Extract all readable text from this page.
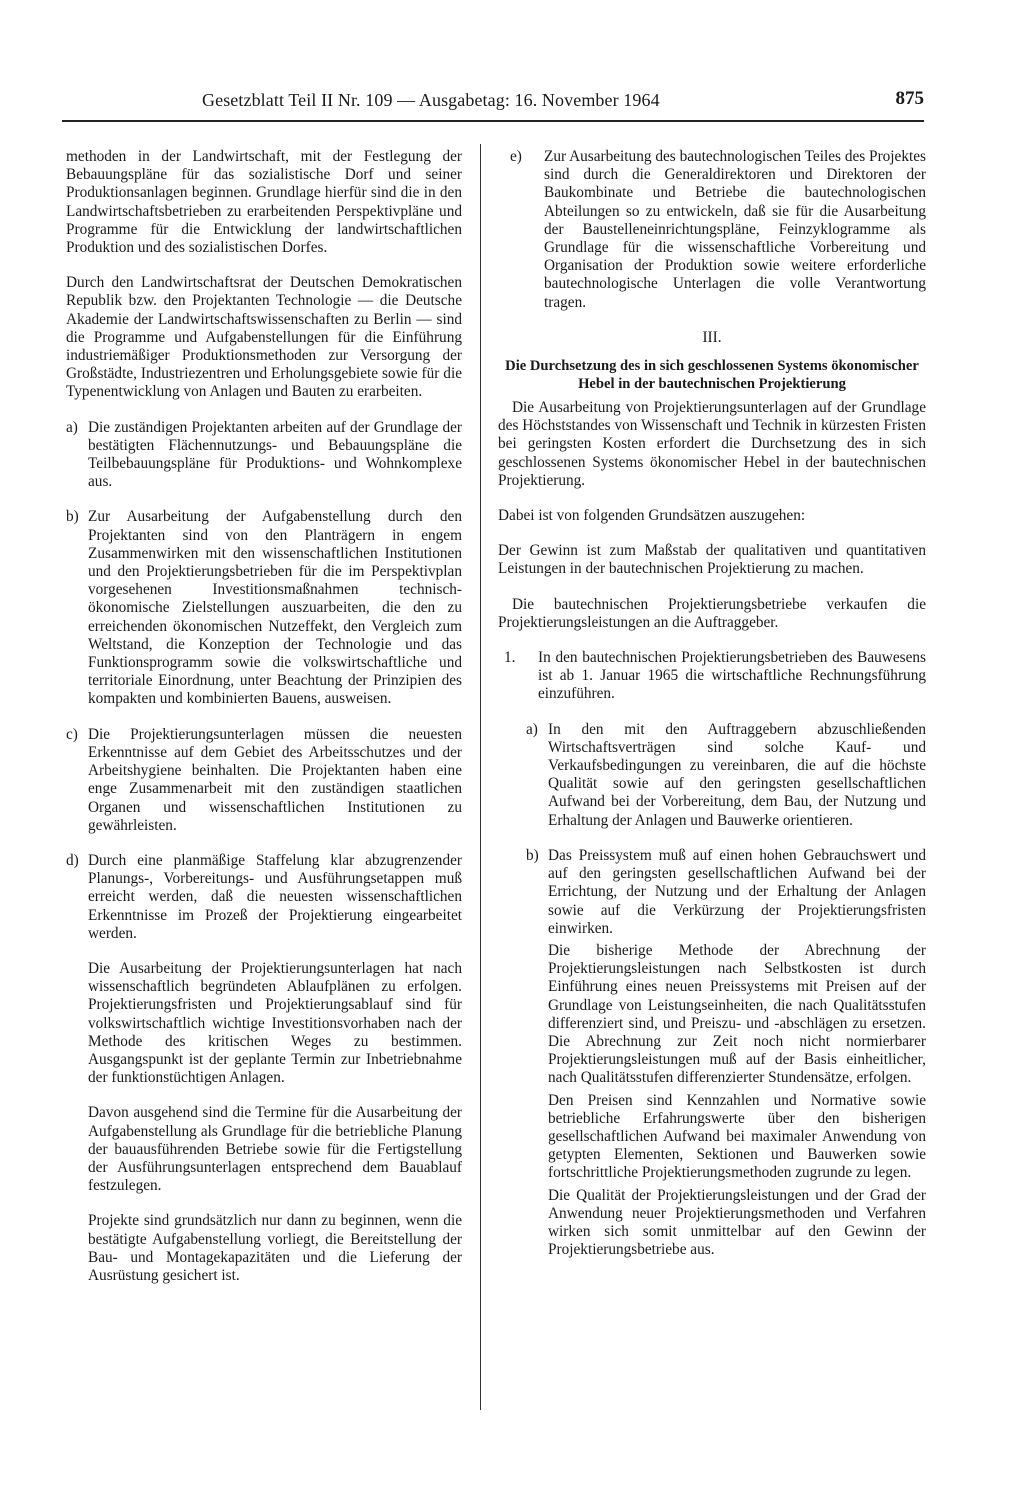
Gesetzblatt Teil II Nr. 109 — Ausgabetag: 16. November 1964	875

methoden in der Landwirtschaft, mit der Festlegung der Bebauungspläne für das sozialistische Dorf und seiner Produktionsanlagen beginnen. Grundlage hierfür sind die in den Landwirtschaftsbetrieben zu erarbeitenden Perspektivpläne und Programme für die Entwicklung der landwirtschaftlichen Produktion und des sozialistischen Dorfes.

Durch den Landwirtschaftsrat der Deutschen Demokratischen Republik bzw. den Projektanten Technologie — die Deutsche Akademie der Landwirtschaftswissenschaften zu Berlin — sind die Programme und Aufgabenstellungen für die Einführung industriemäßiger Produktionsmethoden zur Versorgung der Großstädte, Industriezentren und Erholungsgebiete sowie für die Typenentwicklung von Anlagen und Bauten zu erarbeiten.

a) Die zuständigen Projektanten arbeiten auf der Grundlage der bestätigten Flächennutzungs- und Bebauungspläne die Teilbebauungspläne für Produktions- und Wohnkomplexe aus.
b) Zur Ausarbeitung der Aufgabenstellung durch den Projektanten sind von den Planträgern in engem Zusammenwirken mit den wissenschaftlichen Institutionen und den Projektierungsbetrieben für die im Perspektivplan vorgesehenen Investitionsmaßnahmen technisch-ökonomische Zielstellungen auszuarbeiten, die den zu erreichenden ökonomischen Nutzeffekt, den Vergleich zum Weltstand, die Konzeption der Technologie und das Funktionsprogramm sowie die volkswirtschaftliche und territoriale Einordnung, unter Beachtung der Prinzipien des kompakten und kombinierten Bauens, ausweisen.
c) Die Projektierungsunterlagen müssen die neuesten Erkenntnisse auf dem Gebiet des Arbeitsschutzes und der Arbeitshygiene beinhalten. Die Projektanten haben eine enge Zusammenarbeit mit den zuständigen staatlichen Organen und wissenschaftlichen Institutionen zu gewährleisten.
d) Durch eine planmäßige Staffelung klar abzugrenzender Planungs-, Vorbereitungs- und Ausführungsetappen muß erreicht werden, daß die neuesten wissenschaftlichen Erkenntnisse im Prozeß der Projektierung eingearbeitet werden.

Die Ausarbeitung der Projektierungsunterlagen hat nach wissenschaftlich begründeten Ablaufplänen zu erfolgen. Projektierungsfristen und Projektierungsablauf sind für volkswirtschaftlich wichtige Investitionsvorhaben nach der Methode des kritischen Weges zu bestimmen. Ausgangspunkt ist der geplante Termin zur Inbetriebnahme der funktionstüchtigen Anlagen.

Davon ausgehend sind die Termine für die Ausarbeitung der Aufgabenstellung als Grundlage für die betriebliche Planung der bauausführenden Betriebe sowie für die Fertigstellung der Ausführungsunterlagen entsprechend dem Bauablauf festzulegen.

Projekte sind grundsätzlich nur dann zu beginnen, wenn die bestätigte Aufgabenstellung vorliegt, die Bereitstellung der Bau- und Montagekapazitäten und die Lieferung der Ausrüstung gesichert ist.

e) Zur Ausarbeitung des bautechnologischen Teiles des Projektes sind durch die Generaldirektoren und Direktoren der Baukombinate und Betriebe die bautechnologischen Abteilungen so zu entwickeln, daß sie für die Ausarbeitung der Baustelleneinrichtungspläne, Feinzyklogramme als Grundlage für die wissenschaftliche Vorbereitung und Organisation der Produktion sowie weitere erforderliche bautechnologische Unterlagen die volle Verantwortung tragen.
III.
Die Durchsetzung des in sich geschlossenen Systems ökonomischer Hebel in der bautechnischen Projektierung

Die Ausarbeitung von Projektierungsunterlagen auf der Grundlage des Höchststandes von Wissenschaft und Technik in kürzesten Fristen bei geringsten Kosten erfordert die Durchsetzung des in sich geschlossenen Systems ökonomischer Hebel in der bautechnischen Projektierung.

Dabei ist von folgenden Grundsätzen auszugehen:

Der Gewinn ist zum Maßstab der qualitativen und quantitativen Leistungen in der bautechnischen Projektierung zu machen.

Die bautechnischen Projektierungsbetriebe verkaufen die Projektierungsleistungen an die Auftraggeber.

1. In den bautechnischen Projektierungsbetrieben des Bauwesens ist ab 1. Januar 1965 die wirtschaftliche Rechnungsführung einzuführen.
a) In den mit den Auftraggebern abzuschließenden Wirtschaftsverträgen sind solche Kauf- und Verkaufsbedingungen zu vereinbaren, die auf die höchste Qualität sowie auf den geringsten gesellschaftlichen Aufwand bei der Vorbereitung, dem Bau, der Nutzung und Erhaltung der Anlagen und Bauwerke orientieren.
b) Das Preissystem muß auf einen hohen Gebrauchswert und auf den geringsten gesellschaftlichen Aufwand bei der Errichtung, der Nutzung und der Erhaltung der Anlagen sowie auf die Verkürzung der Projektierungsfristen einwirken.

Die bisherige Methode der Abrechnung der Projektierungsleistungen nach Selbstkosten ist durch Einführung eines neuen Preissystems mit Preisen auf der Grundlage von Leistungseinheiten, die nach Qualitätsstufen differenziert sind, und Preiszu- und -abschlägen zu ersetzen. Die Abrechnung zur Zeit noch nicht normierbarer Projektierungsleistungen muß auf der Basis einheitlicher, nach Qualitätsstufen differenzierter Stundensätze, erfolgen.

Den Preisen sind Kennzahlen und Normative sowie betriebliche Erfahrungswerte über den bisherigen gesellschaftlichen Aufwand bei maximaler Anwendung von getypten Elementen, Sektionen und Bauwerken sowie fortschrittliche Projektierungsmethoden zugrunde zu legen.

Die Qualität der Projektierungsleistungen und der Grad der Anwendung neuer Projektierungsmethoden und Verfahren wirken sich somit unmittelbar auf den Gewinn der Projektierungsbetriebe aus.
